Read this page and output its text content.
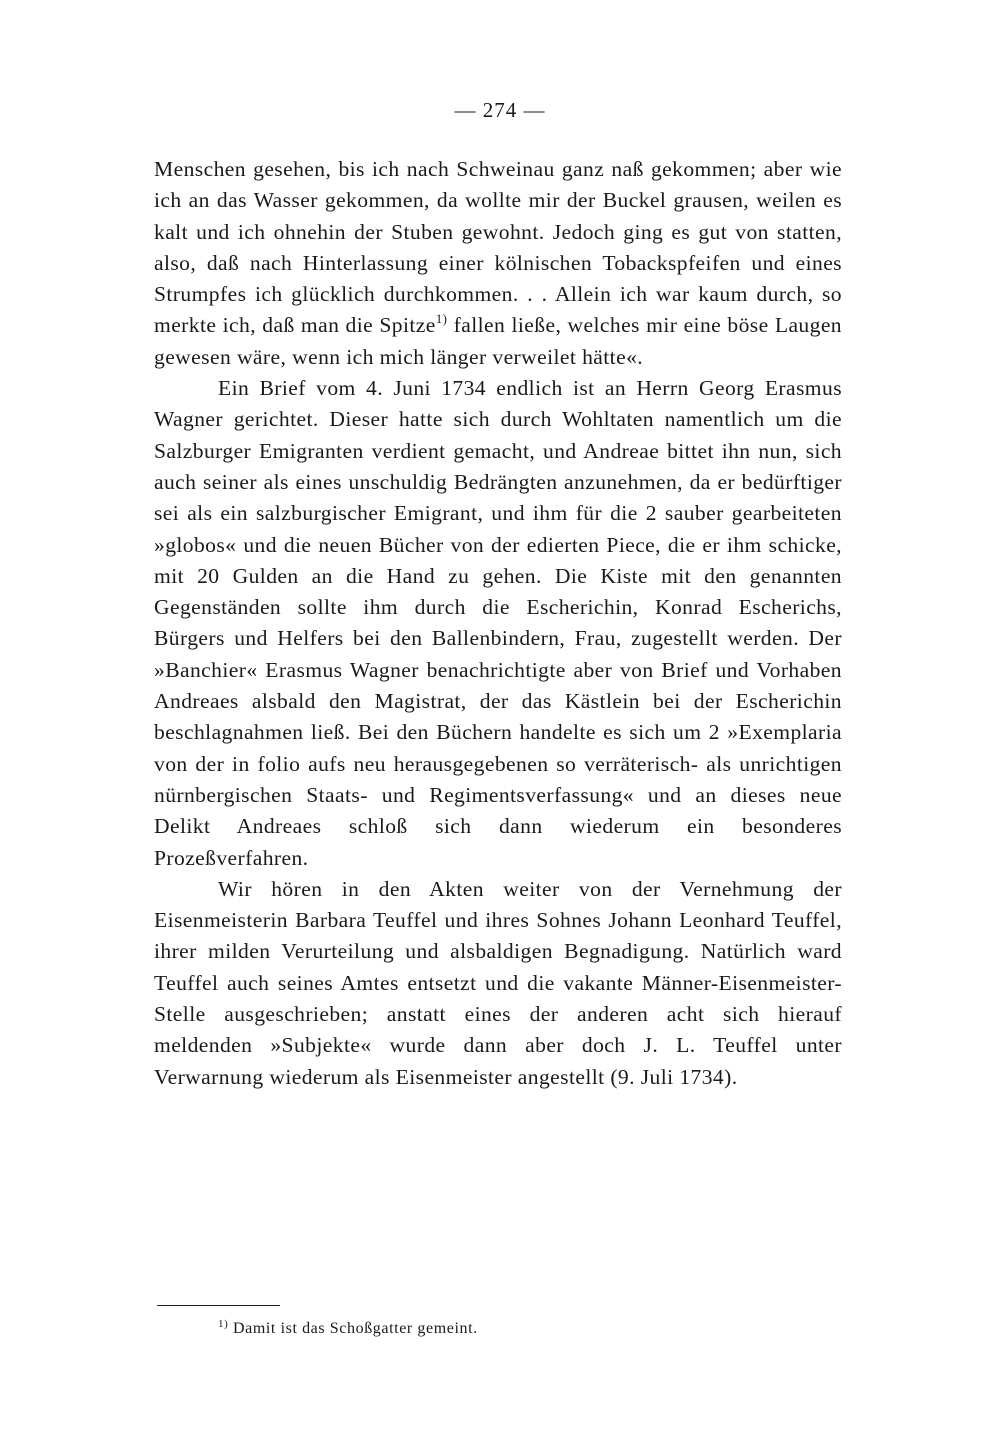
— 274 —

Menschen gesehen, bis ich nach Schweinau ganz naß gekommen; aber wie ich an das Wasser gekommen, da wollte mir der Buckel grausen, weilen es kalt und ich ohnehin der Stuben gewohnt. Jedoch ging es gut von statten, also, daß nach Hinterlassung einer kölnischen Tobackspfeifen und eines Strumpfes ich glücklich durchkommen. . . Allein ich war kaum durch, so merkte ich, daß man die Spitze$^{1)}$ fallen ließe, welches mir eine böse Laugen gewesen wäre, wenn ich mich länger verweilet hätte«.

Ein Brief vom 4. Juni 1734 endlich ist an Herrn Georg Erasmus Wagner gerichtet. Dieser hatte sich durch Wohltaten namentlich um die Salzburger Emigranten verdient gemacht, und Andreae bittet ihn nun, sich auch seiner als eines unschuldig Bedrängten anzunehmen, da er bedürftiger sei als ein salzburgischer Emigrant, und ihm für die 2 sauber gearbeiteten »globos« und die neuen Bücher von der edierten Piece, die er ihm schicke, mit 20 Gulden an die Hand zu gehen. Die Kiste mit den genannten Gegenständen sollte ihm durch die Escherichin, Konrad Escherichs, Bürgers und Helfers bei den Ballenbindern, Frau, zugestellt werden. Der »Banchier« Erasmus Wagner benachrichtigte aber von Brief und Vorhaben Andreaes alsbald den Magistrat, der das Kästlein bei der Escherichin beschlagnahmen ließ. Bei den Büchern handelte es sich um 2 »Exemplaria von der in folio aufs neu herausgegebenen so verräterisch- als unrichtigen nürnbergischen Staats- und Regimentsverfassung« und an dieses neue Delikt Andreaes schloß sich dann wiederum ein besonderes Prozeßverfahren.

Wir hören in den Akten weiter von der Vernehmung der Eisenmeisterin Barbara Teuffel und ihres Sohnes Johann Leonhard Teuffel, ihrer milden Verurteilung und alsbaldigen Begnadigung. Natürlich ward Teuffel auch seines Amtes entsetzt und die vakante Männer-Eisenmeister-Stelle ausgeschrieben; anstatt eines der anderen acht sich hierauf meldenden »Subjekte« wurde dann aber doch J. L. Teuffel unter Verwarnung wiederum als Eisenmeister angestellt (9. Juli 1734).

$^{1)}$ Damit ist das Schoßgatter gemeint.
